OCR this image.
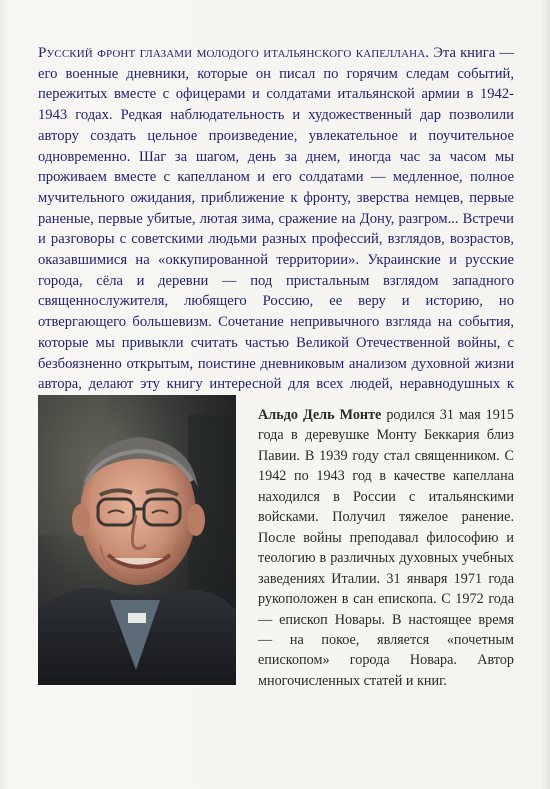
Русский фронт глазами молодого итальянского капеллана. Эта книга — его военные дневники, которые он писал по горячим следам событий, пережитых вместе с офицерами и солдатами итальянской армии в 1942-1943 годах. Редкая наблюдательность и художественный дар позволили автору создать цельное произведение, увлекательное и поучительное одновременно. Шаг за шагом, день за днем, иногда час за часом мы проживаем вместе с капелланом и его солдатами — медленное, полное мучительного ожидания, приближение к фронту, зверства немцев, первые раненые, первые убитые, лютая зима, сражение на Дону, разгром... Встречи и разговоры с советскими людьми разных профессий, взглядов, возрастов, оказавшимися на «оккупированной территории». Украинские и русские города, сёла и деревни — под пристальным взглядом западного священнослужителя, любящего Россию, ее веру и историю, но отвергающего большевизм. Сочетание непривычного взгляда на события, которые мы привыкли считать частью Великой Отечественной войны, с безбоязненно открытым, поистине дневниковым анализом духовной жизни автора, делают эту книгу интересной для всех людей, неравнодушных к

Альдо Дель Монте родился 31 мая 1915 года в деревушке Монту Беккария близ Павии. В 1939 году стал священником. С 1942 по 1943 год в качестве капеллана находился в России с итальянскими войсками. Получил тяжелое ранение. После войны преподавал философию и теологию в различных духовных учебных заведениях Италии. 31 января 1971 года рукоположен в сан епископа. С 1972 года — епископ Новары. В настоящее время — на покое, является «почетным епископом» города Новара. Автор многочисленных статей и книг.
